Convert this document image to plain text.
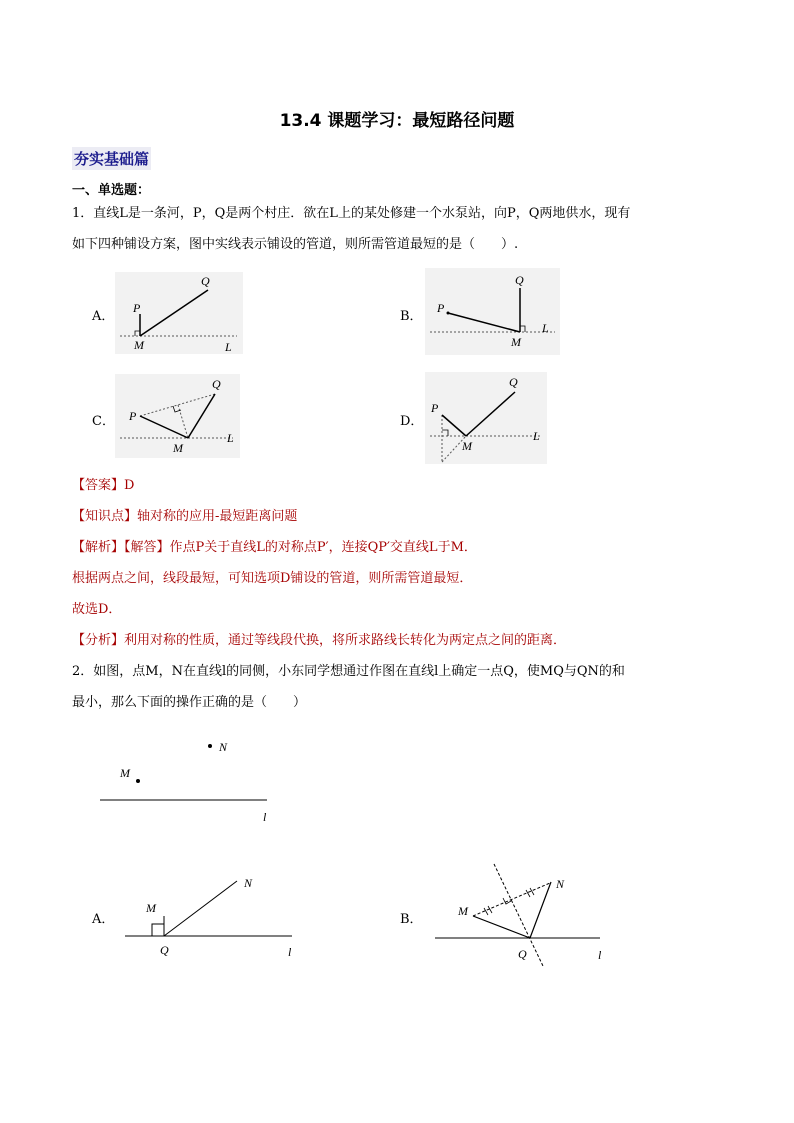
13.4 课题学习：最短路径问题
夯实基础篇
一、单选题：
1．直线L是一条河，P，Q是两个村庄．欲在L上的某处修建一个水泵站，向P，Q两地供水，现有
如下四种铺设方案，图中实线表示铺设的管道，则所需管道最短的是（　　）.
A．	B．
C．	D．
P
Q
M	L
P
Q
M
L
P
Q
M
L
P
Q
M
L
【答案】D
【知识点】轴对称的应用-最短距离问题
【解析】【解答】作点P关于直线L的对称点P′，连接QP′交直线L于M．
根据两点之间，线段最短，可知选项D铺设的管道，则所需管道最短．
故选D．
【分析】利用对称的性质，通过等线段代换，将所求路线长转化为两定点之间的距离．
2．如图，点M，N在直线l的同侧，小东同学想通过作图在直线l上确定一点Q，使MQ与QN的和
最小，那么下面的操作正确的是（　　）
N
M
l
A．	B．
M
N
Q	l
M
N
Q	l
